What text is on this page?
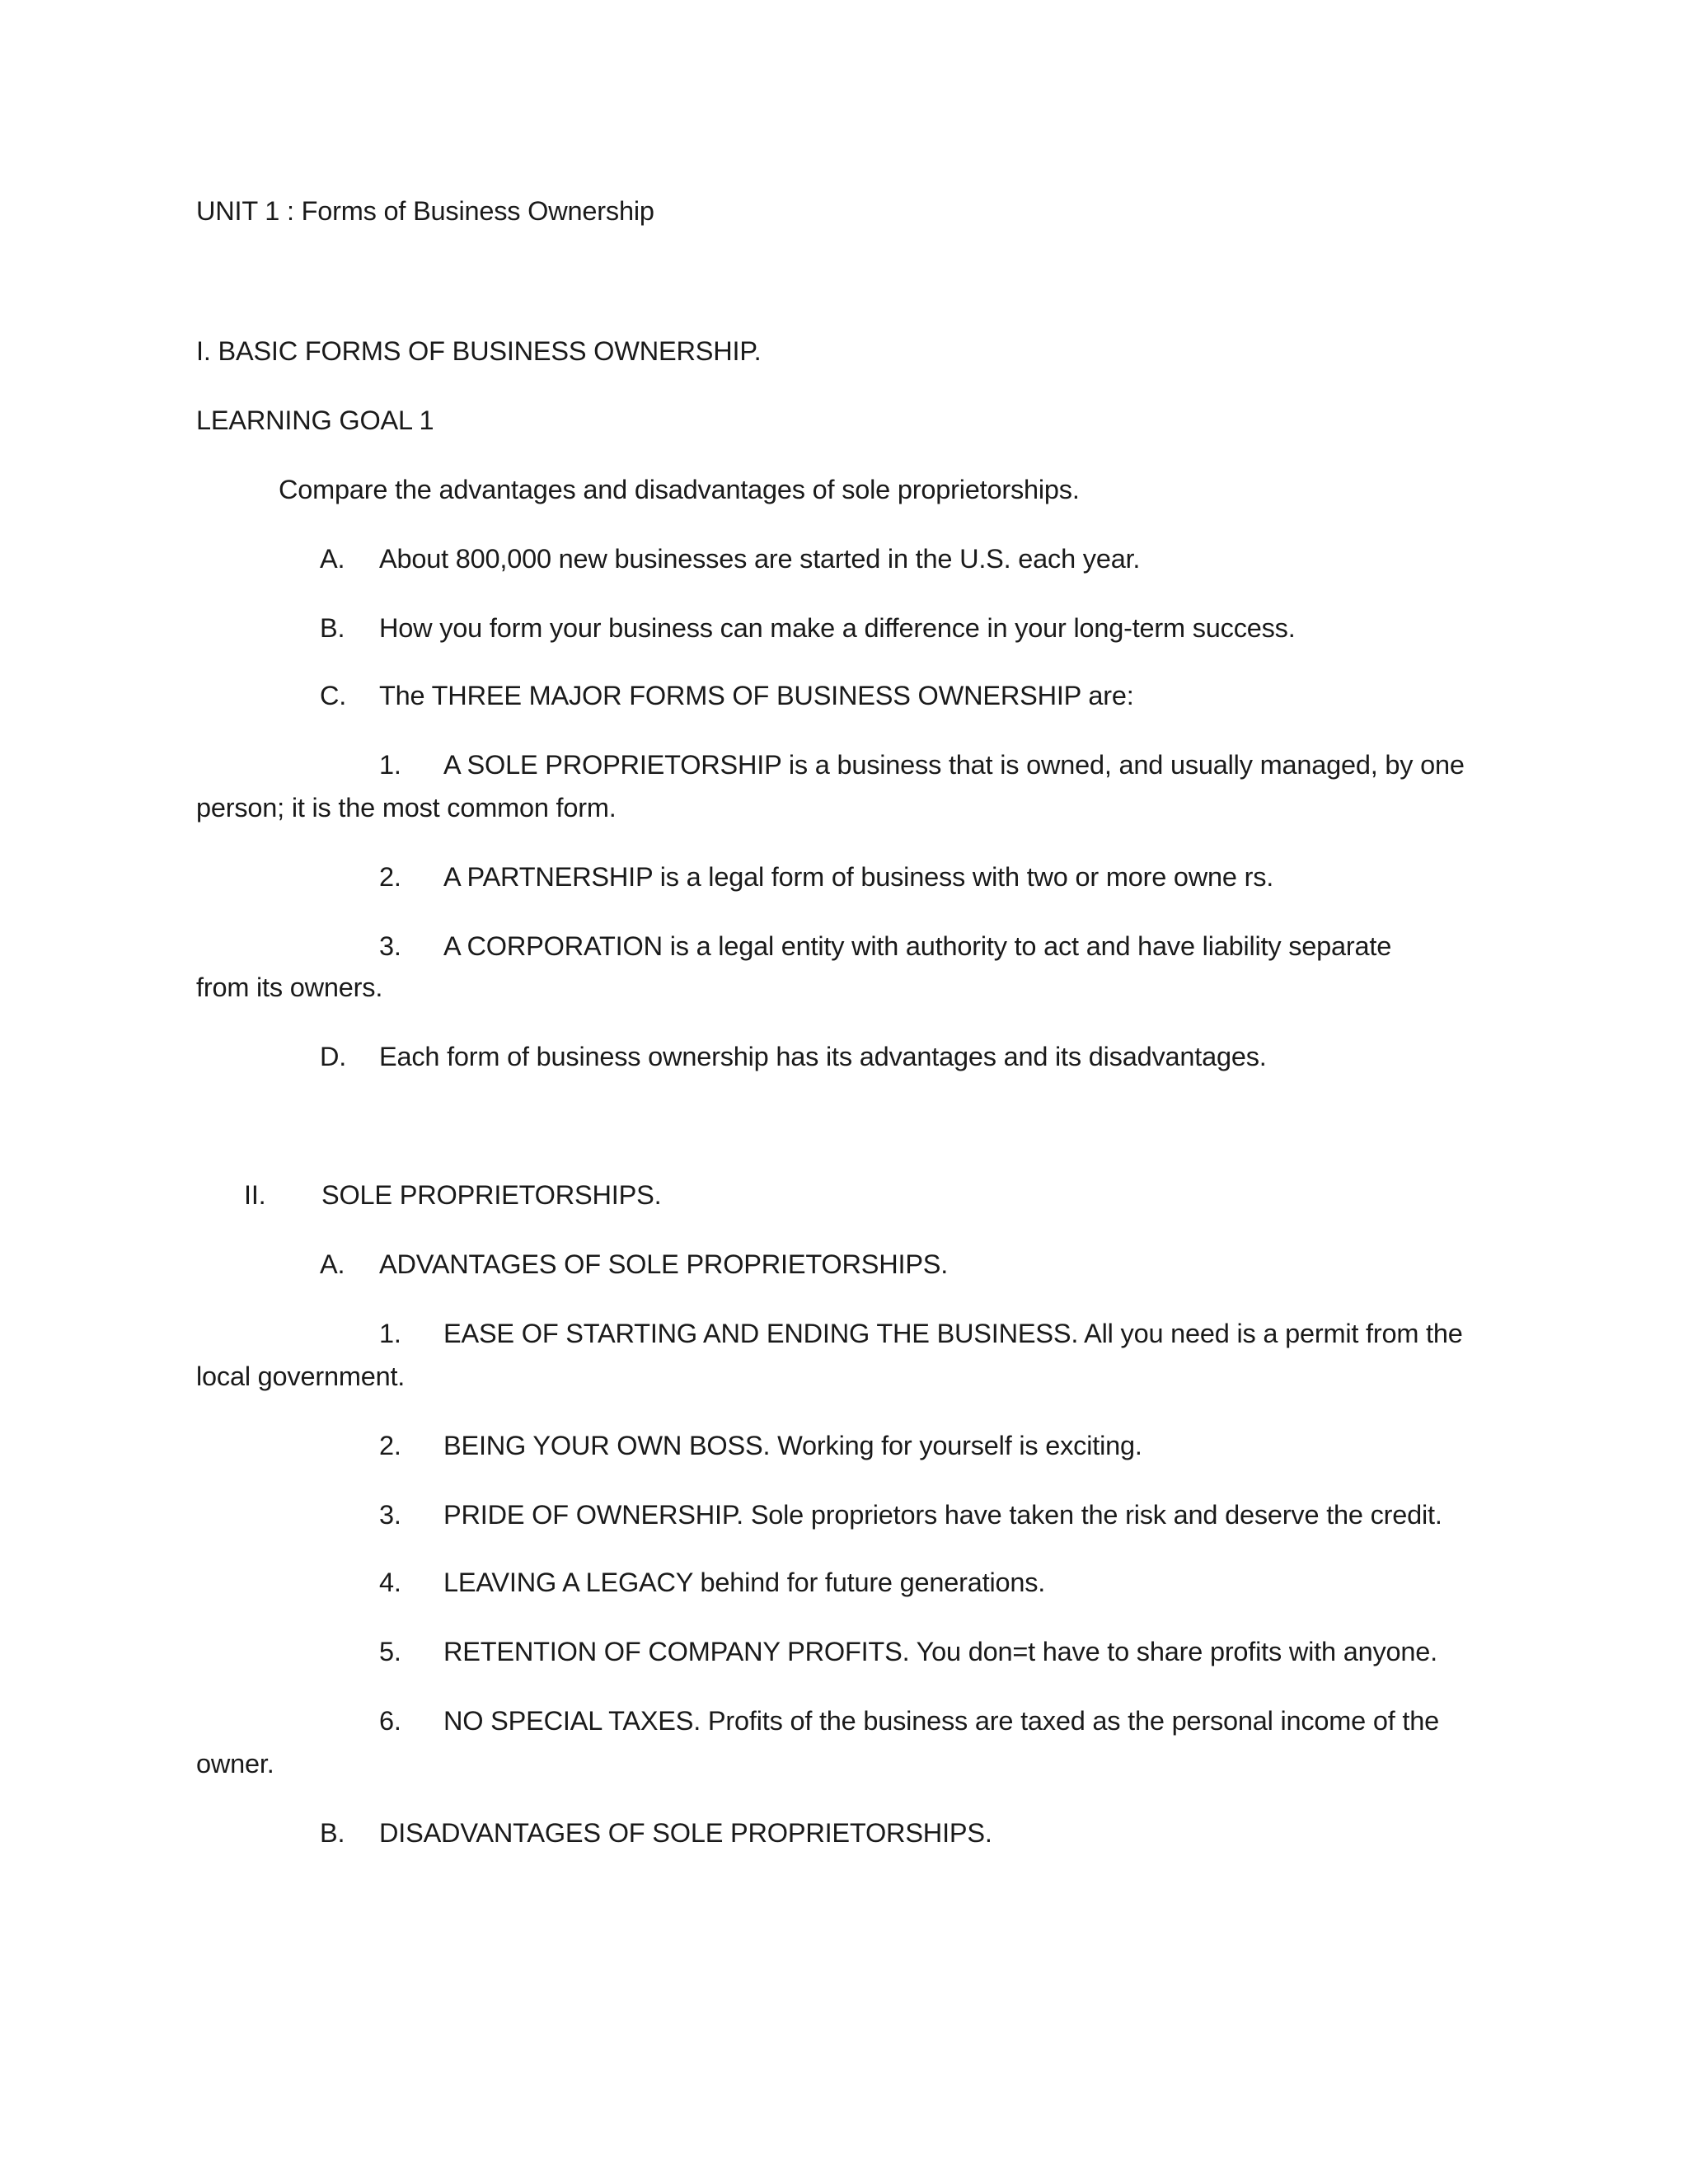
UNIT 1 : Forms of Business Ownership
I. BASIC FORMS OF BUSINESS OWNERSHIP.
LEARNING GOAL 1
Compare the advantages and disadvantages of sole proprietorships.
A. About 800,000 new businesses are started in the U.S. each year.
B. How you form your business can make a difference in your long-term success.
C. The THREE MAJOR FORMS OF BUSINESS OWNERSHIP are:
1. A SOLE PROPRIETORSHIP is a business that is owned, and usually managed, by one
person; it is the most common form.
2. A PARTNERSHIP is a legal form of business with two or more owne rs.
3. A CORPORATION is a legal entity with authority to act and have liability separate
from its owners.
D. Each form of business ownership has its advantages and its disadvantages.
II. SOLE PROPRIETORSHIPS.
A. ADVANTAGES OF SOLE PROPRIETORSHIPS.
1. EASE OF STARTING AND ENDING THE BUSINESS. All you need is a permit from the
local government.
2. BEING YOUR OWN BOSS. Working for yourself is exciting.
3. PRIDE OF OWNERSHIP. Sole proprietors have taken the risk and deserve the credit.
4. LEAVING A LEGACY behind for future generations.
5. RETENTION OF COMPANY PROFITS. You don=t have to share profits with anyone.
6. NO SPECIAL TAXES. Profits of the business are taxed as the personal income of the
owner.
B. DISADVANTAGES OF SOLE PROPRIETORSHIPS.
